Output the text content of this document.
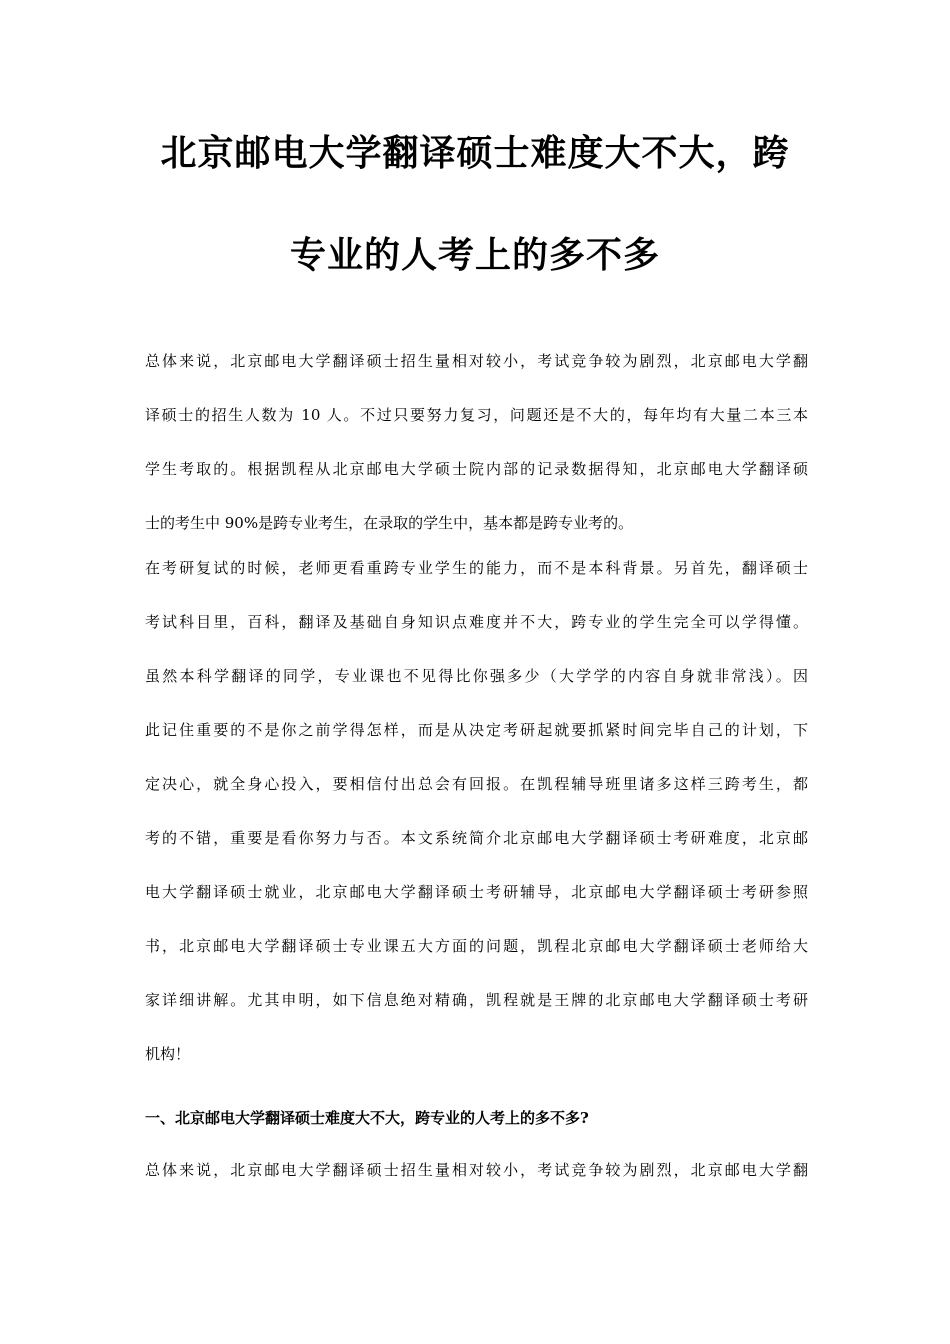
北京邮电大学翻译硕士难度大不大，跨
专业的人考上的多不多
总体来说，北京邮电大学翻译硕士招生量相对较小，考试竞争较为剧烈，北京邮电大学翻
译硕士的招生人数为 10 人。不过只要努力复习，问题还是不大的，每年均有大量二本三本
学生考取的。根据凯程从北京邮电大学硕士院内部的记录数据得知，北京邮电大学翻译硕
士的考生中 90%是跨专业考生，在录取的学生中，基本都是跨专业考的。
在考研复试的时候，老师更看重跨专业学生的能力，而不是本科背景。另首先，翻译硕士
考试科目里，百科，翻译及基础自身知识点难度并不大，跨专业的学生完全可以学得懂。
虽然本科学翻译的同学，专业课也不见得比你强多少（大学学的内容自身就非常浅）。因
此记住重要的不是你之前学得怎样，而是从决定考研起就要抓紧时间完毕自己的计划，下
定决心，就全身心投入，要相信付出总会有回报。在凯程辅导班里诸多这样三跨考生，都
考的不错，重要是看你努力与否。本文系统简介北京邮电大学翻译硕士考研难度，北京邮
电大学翻译硕士就业，北京邮电大学翻译硕士考研辅导，北京邮电大学翻译硕士考研参照
书，北京邮电大学翻译硕士专业课五大方面的问题，凯程北京邮电大学翻译硕士老师给大
家详细讲解。尤其申明，如下信息绝对精确，凯程就是王牌的北京邮电大学翻译硕士考研
机构！
一、北京邮电大学翻译硕士难度大不大，跨专业的人考上的多不多?
总体来说，北京邮电大学翻译硕士招生量相对较小，考试竞争较为剧烈，北京邮电大学翻
